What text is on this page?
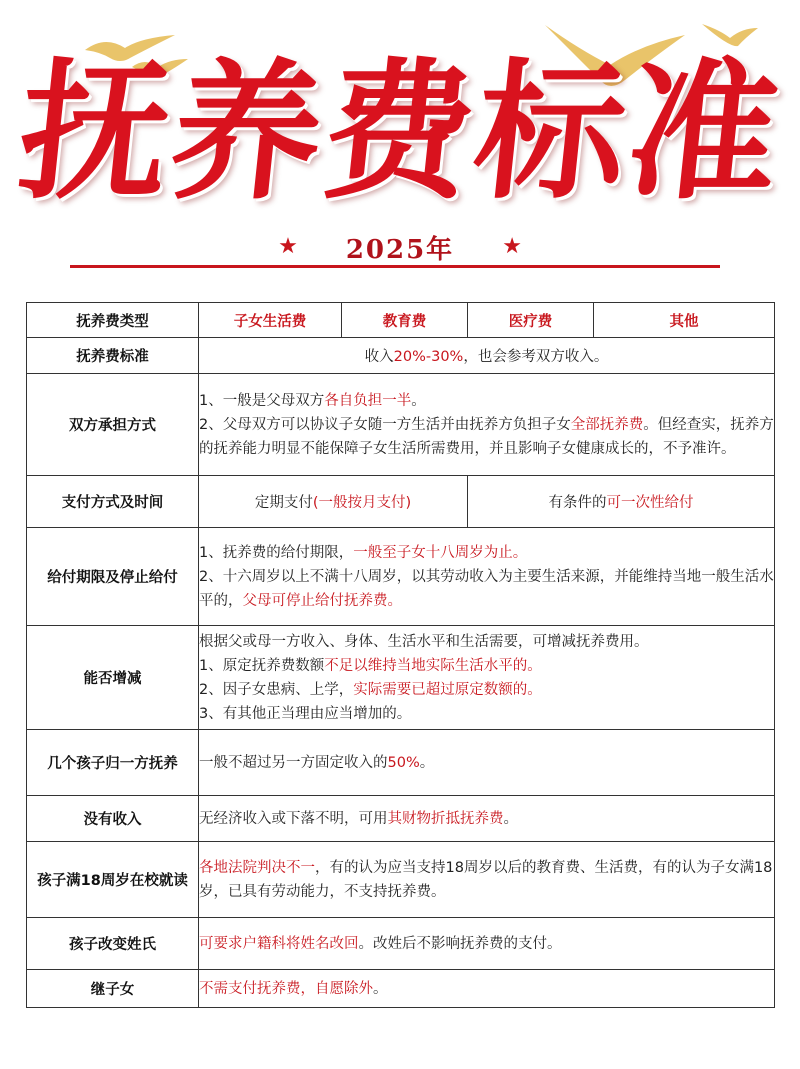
抚养费标准
★ 2025年 ★
抚养费类型	子女生活费	教育费	医疗费	其他
抚养费标准	收入20%-30%，也会参考双方收入。			
双方承担方式	1、一般是父母双方各自负担一半。
2、父母双方可以协议子女随一方生活并由抚养方负担子女全部抚养费。但经查实，抚养方的抚养能力明显不能保障子女生活所需费用，并且影响子女健康成长的，不予准许。			

支付方式及时间	定期支付(一般按月支付)		有条件的可一次性给付	
给付期限及停止给付	1、抚养费的给付期限，一般至子女十八周岁为止。
2、十六周岁以上不满十八周岁，以其劳动收入为主要生活来源，并能维持当地一般生活水平的，父母可停止给付抚养费。			

能否增减	根据父或母一方收入、身体、生活水平和生活需要，可增减抚养费用。
1、原定抚养费数额不足以维持当地实际生活水平的。
2、因子女患病、上学，实际需要已超过原定数额的。
3、有其他正当理由应当增加的。			

几个孩子归一方抚养	一般不超过另一方固定收入的50%。			
没有收入	无经济收入或下落不明，可用其财物折抵抚养费。			
孩子满18周岁在校就读	各地法院判决不一，有的认为应当支持18周岁以后的教育费、生活费，有的认为子女满18岁，已具有劳动能力，不支持抚养费。			
孩子改变姓氏	可要求户籍科将姓名改回。改姓后不影响抚养费的支付。			
继子女	不需支付抚养费，自愿除外。			
